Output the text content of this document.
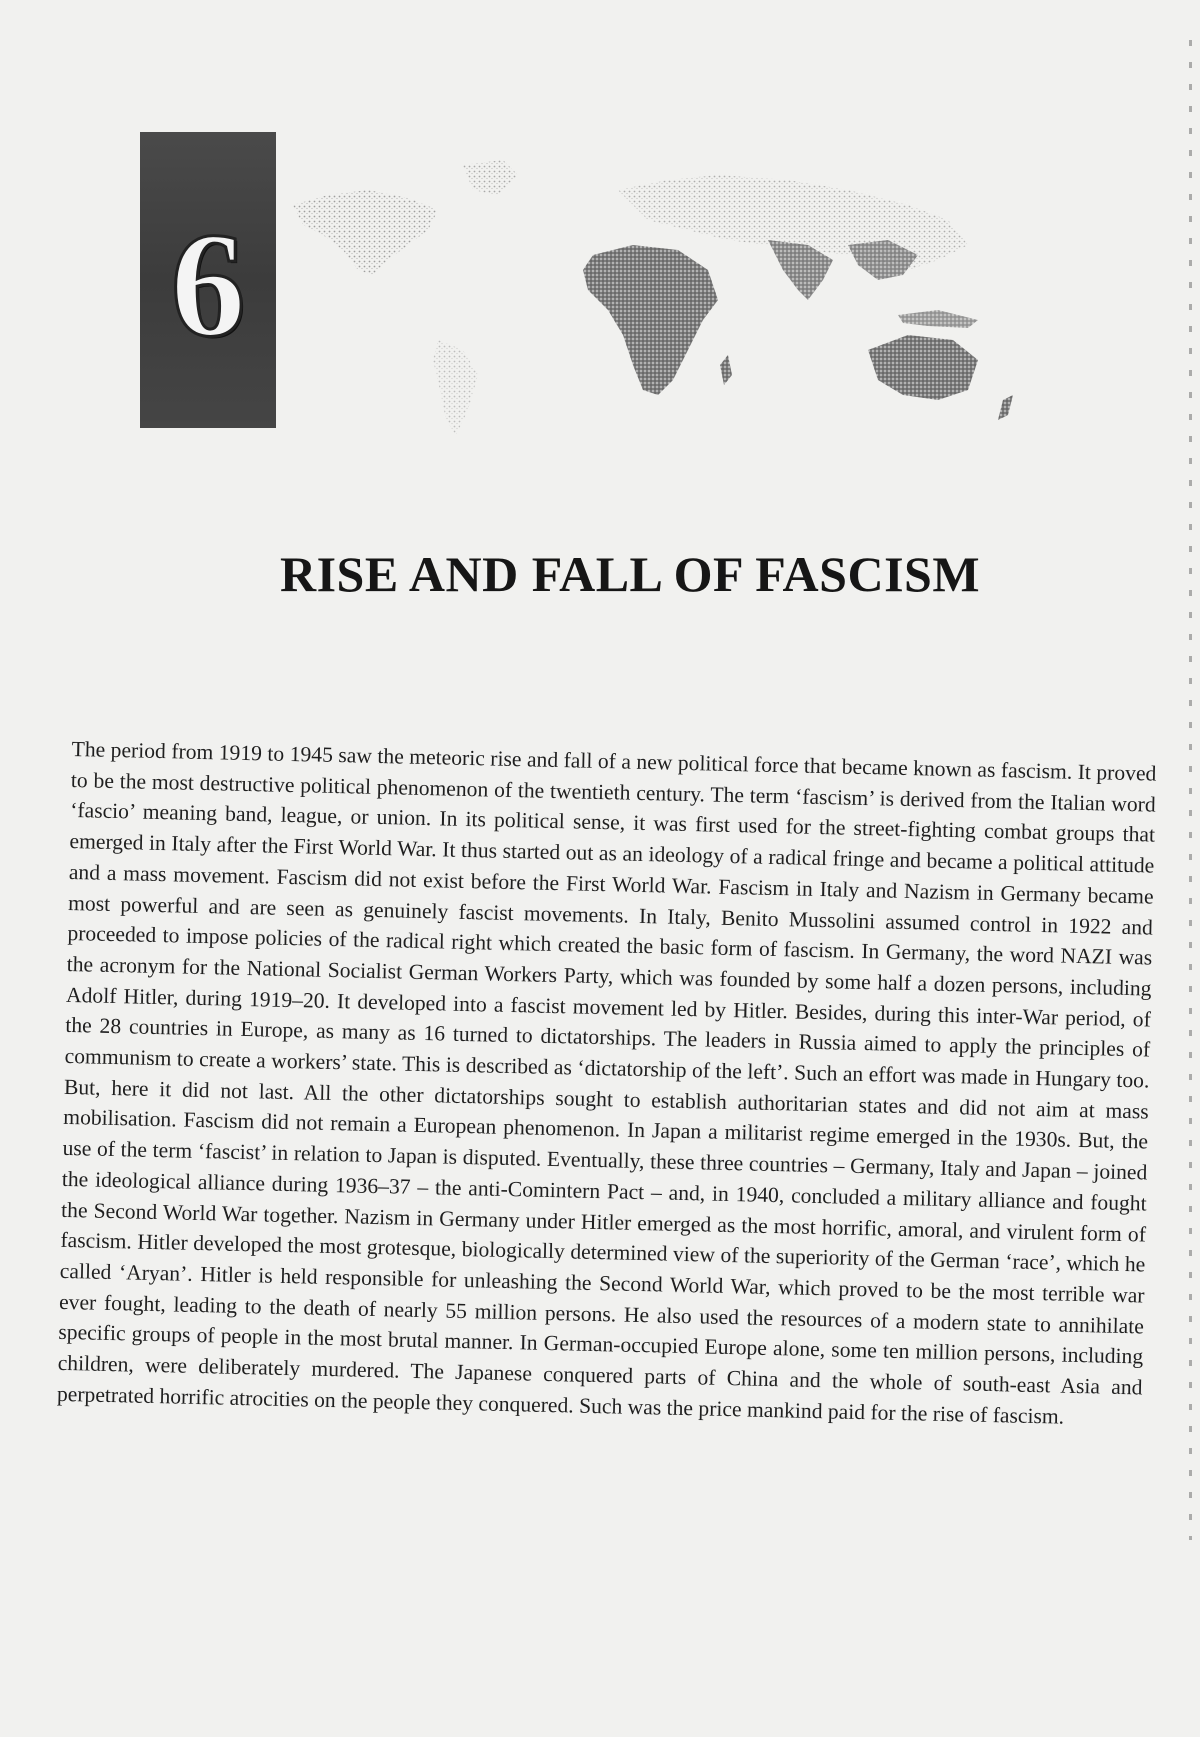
6
RISE AND FALL OF FASCISM

The period from 1919 to 1945 saw the meteoric rise and fall of a new political force that became known as fascism. It proved to be the most destructive political phenomenon of the twentieth century. The term ‘fascism’ is derived from the Italian word ‘fascio’ meaning band, league, or union. In its political sense, it was first used for the street-fighting combat groups that emerged in Italy after the First World War. It thus started out as an ideology of a radical fringe and became a political attitude and a mass movement. Fascism did not exist before the First World War. Fascism in Italy and Nazism in Germany became most powerful and are seen as genuinely fascist movements. In Italy, Benito Mussolini assumed control in 1922 and proceeded to impose policies of the radical right which created the basic form of fascism. In Germany, the word NAZI was the acronym for the National Socialist German Workers Party, which was founded by some half a dozen persons, including Adolf Hitler, during 1919–20. It developed into a fascist movement led by Hitler. Besides, during this inter-War period, of the 28 countries in Europe, as many as 16 turned to dictatorships. The leaders in Russia aimed to apply the principles of communism to create a workers’ state. This is described as ‘dictatorship of the left’. Such an effort was made in Hungary too. But, here it did not last. All the other dictatorships sought to establish authoritarian states and did not aim at mass mobilisation. Fascism did not remain a European phenomenon. In Japan a militarist regime emerged in the 1930s. But, the use of the term ‘fascist’ in relation to Japan is disputed. Eventually, these three countries – Germany, Italy and Japan – joined the ideological alliance during 1936–37 – the anti-Comintern Pact – and, in 1940, concluded a military alliance and fought the Second World War together. Nazism in Germany under Hitler emerged as the most horrific, amoral, and virulent form of fascism. Hitler developed the most grotesque, biologically determined view of the superiority of the German ‘race’, which he called ‘Aryan’. Hitler is held responsible for unleashing the Second World War, which proved to be the most terrible war ever fought, leading to the death of nearly 55 million persons. He also used the resources of a modern state to annihilate specific groups of people in the most brutal manner. In German-occupied Europe alone, some ten million persons, including children, were deliberately murdered. The Japanese conquered parts of China and the whole of south-east Asia and perpetrated horrific atrocities on the people they conquered. Such was the price mankind paid for the rise of fascism.
